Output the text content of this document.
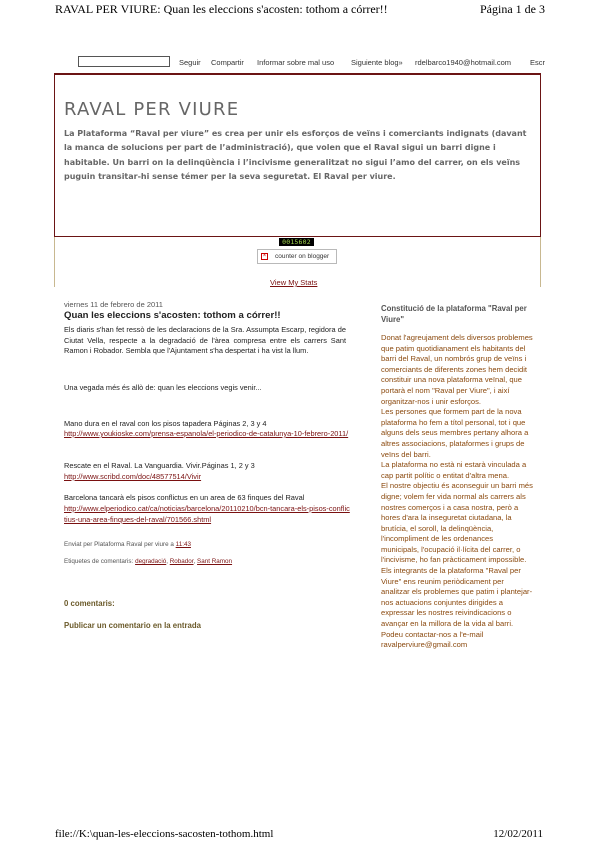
RAVAL PER VIURE: Quan les eleccions s'acosten: tothom a córrer!!	Página 1 de 3
Seguir Compartir Informar sobre mal uso Siguiente blog» rdelbarco1940@hotmail.com	Escr
RAVAL PER VIURE
La Plataforma “Raval per viure” es crea per unir els esforços de veïns i comerciants indignats (davant la manca de solucions per part de l’administració), que volen que el Raval sigui un barri digne i habitable. Un barri on la delinqüència i l’incivisme generalitzat no sigui l’amo del carrer, on els veïns puguin transitar-hi sense témer per la seva seguretat. El Raval per viure.
0015602
× counter on blogger
View My Stats
viernes 11 de febrero de 2011
Quan les eleccions s'acosten: tothom a córrer!!

Els diaris s'han fet ressò de les declaracions de la Sra. Assumpta Escarp, regidora de Ciutat Vella, respecte a la degradació de l'àrea compresa entre els carrers Sant Ramon i Robador. Sembla que l'Ajuntament s'ha despertat i ha vist la llum.

Una vegada més és allò de: quan les eleccions vegis venir...
Mano dura en el raval con los pisos tapadera Páginas 2, 3 y 4
http://www.youkioske.com/prensa-espanola/el-periodico-de-catalunya-10-febrero-2011/
Rescate en el Raval. La Vanguardia. Vivir.Páginas 1, 2 y 3
http://www.scribd.com/doc/48577514/Vivir
Barcelona tancarà els pisos conflictus en un area de 63 finques del Raval
http://www.elperiodico.cat/ca/noticias/barcelona/20110210/bcn-tancara-els-pisos-conflictius-una-area-finques-del-raval/701566.shtml
Enviat per Plataforma Raval per viure a 11:43
Etiquetes de comentaris: degradació, Robador, Sant Ramon
0 comentaris:
Publicar un comentario en la entrada
Constitució de la plataforma "Raval per Viure"

Donat l'agreujament dels diversos problemes que patim quotidianament els habitants del barri del Raval, un nombrós grup de veïns i comerciants de diferents zones hem decidit constituir una nova plataforma veïnal, que portarà el nom "Raval per Viure", i així organitzar-nos i unir esforços.

Les persones que formem part de la nova plataforma ho fem a títol personal, tot i que alguns dels seus membres pertany alhora a altres associacions, plataformes i grups de veïns del barri.

La plataforma no està ni estarà vinculada a cap partit polític o entitat d'altra mena.

El nostre objectiu és aconseguir un barri més digne; volem fer vida normal als carrers als nostres comerços i a casa nostra, però a hores d'ara la inseguretat ciutadana, la brutícia, el soroll, la delinqüència, l'incompliment de les ordenances municipals, l'ocupació il·lícita del carrer, o l'incivisme, ho fan pràcticament impossible.

Els integrants de la plataforma "Raval per Viure" ens reunim periòdicament per analitzar els problemes que patim i plantejar-nos actuacions conjuntes dirigides a expressar les nostres reivindicacions o avançar en la millora de la vida al barri.

Podeu contactar-nos a l'e-mail ravalperviure@gmail.com

file://K:\quan-les-eleccions-sacosten-tothom.html	12/02/2011
